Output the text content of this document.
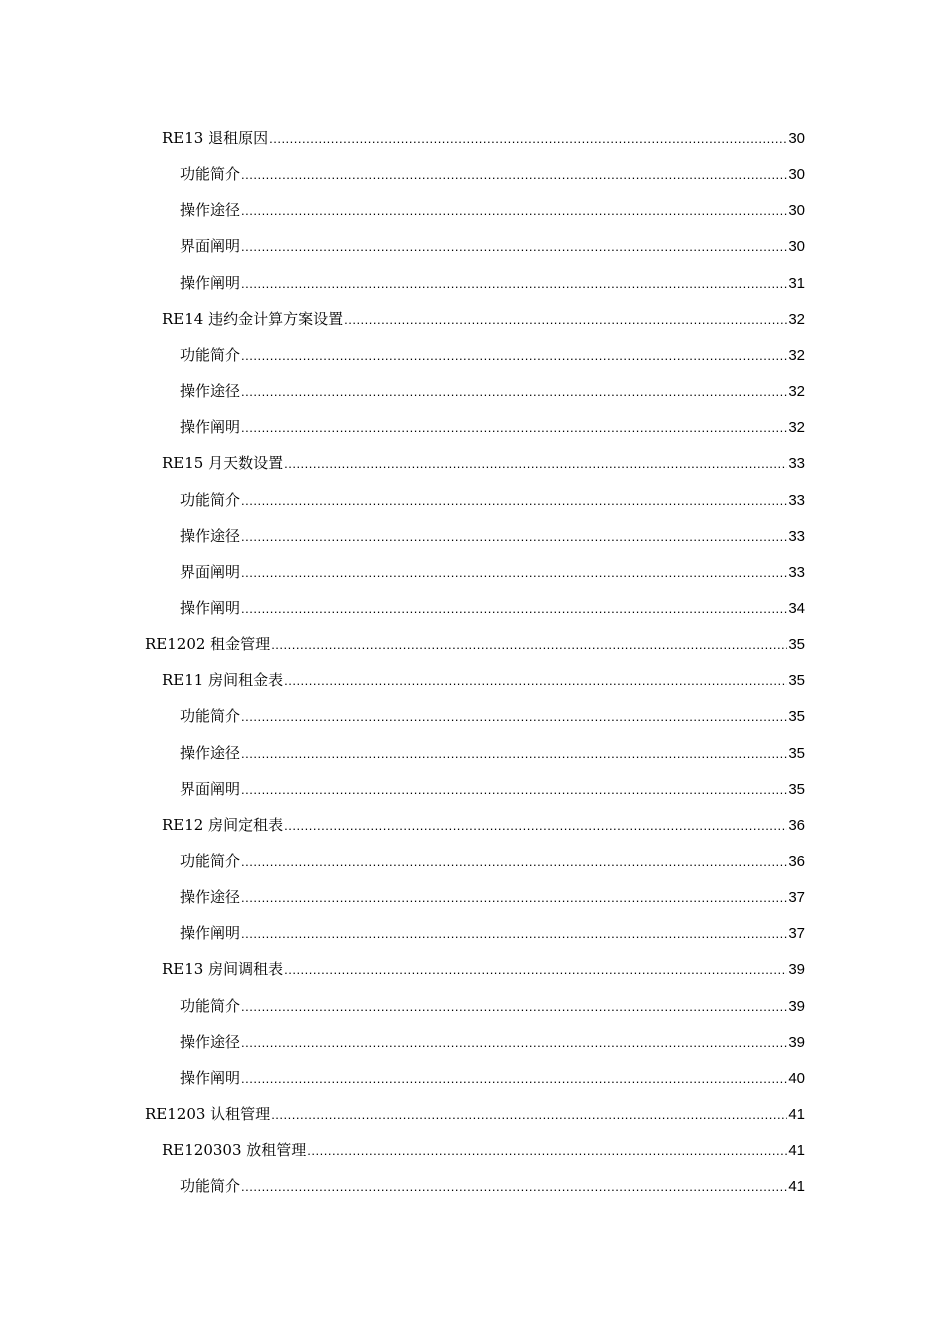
RE13 退租原因 .....	30
功能简介 .....	30
操作途径 .....	30
界面阐明 .....	30
操作阐明 .....	31
RE14 违约金计算方案设置 .....	32
功能简介 .....	32
操作途径 .....	32
操作阐明 .....	32
RE15 月天数设置 .....	33
功能简介 .....	33
操作途径 .....	33
界面阐明 .....	33
操作阐明 .....	34
RE1202 租金管理 .....	35
RE11 房间租金表 .....	35
功能简介 .....	35
操作途径 .....	35
界面阐明 .....	35
RE12 房间定租表 .....	36
功能简介 .....	36
操作途径 .....	37
操作阐明 .....	37
RE13 房间调租表 .....	39
功能简介 .....	39
操作途径 .....	39
操作阐明 .....	40
RE1203 认租管理 .....	41
RE120303 放租管理 .....	41
功能简介 .....	41
